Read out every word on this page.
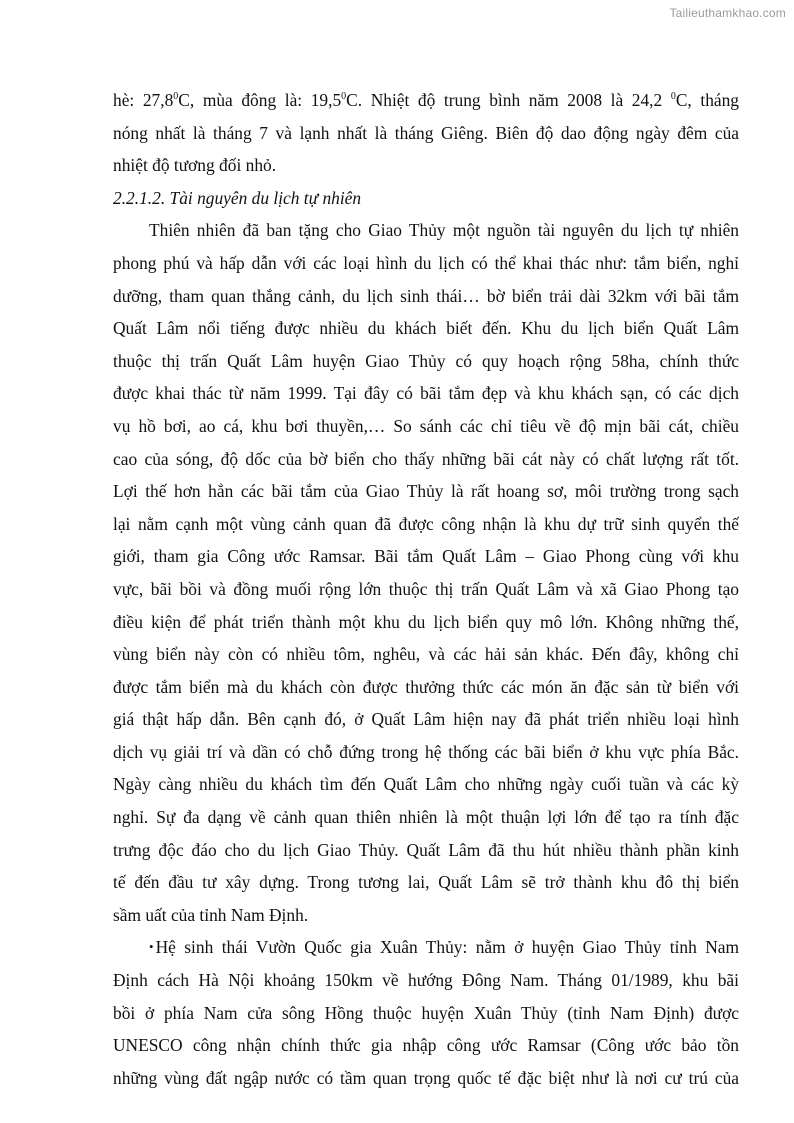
Tailieuthamkhao.com
hè: 27,8$^0$C, mùa đông là: 19,5$^0$C. Nhiệt độ trung bình năm 2008 là 24,2 $^0$C, tháng
nóng nhất là tháng 7 và lạnh nhất là tháng Giêng. Biên độ dao động ngày đêm của
nhiệt độ tương đối nhỏ.
2.2.1.2. Tài nguyên du lịch tự nhiên
Thiên nhiên đã ban tặng cho Giao Thủy một nguồn tài nguyên du lịch tự nhiên
phong phú và hấp dẫn với các loại hình du lịch có thể khai thác như: tắm biển, nghỉ
dưỡng, tham quan thắng cảnh, du lịch sinh thái… bờ biển trải dài 32km với bãi tắm
Quất Lâm nổi tiếng được nhiều du khách biết đến. Khu du lịch biển Quất Lâm
thuộc thị trấn Quất Lâm huyện Giao Thủy có quy hoạch rộng 58ha, chính thức
được khai thác từ năm 1999. Tại đây có bãi tắm đẹp và khu khách sạn, có các dịch
vụ hồ bơi, ao cá, khu bơi thuyền,… So sánh các chỉ tiêu về độ mịn bãi cát, chiều
cao của sóng, độ dốc của bờ biển cho thấy những bãi cát này có chất lượng rất tốt.
Lợi thế hơn hẳn các bãi tắm của Giao Thủy là rất hoang sơ, môi trường trong sạch
lại nằm cạnh một vùng cảnh quan đã được công nhận là khu dự trữ sinh quyển thế
giới, tham gia Công ước Ramsar. Bãi tắm Quất Lâm – Giao Phong cùng với khu
vực, bãi bồi và đồng muối rộng lớn thuộc thị trấn Quất Lâm và xã Giao Phong tạo
điều kiện để phát triển thành một khu du lịch biển quy mô lớn. Không những thế,
vùng biển này còn có nhiều tôm, nghêu, và các hải sản khác. Đến đây, không chỉ
được tắm biển mà du khách còn được thưởng thức các món ăn đặc sản từ biển với
giá thật hấp dẫn. Bên cạnh đó, ở Quất Lâm hiện nay đã phát triển nhiều loại hình
dịch vụ giải trí và dần có chỗ đứng trong hệ thống các bãi biển ở khu vực phía Bắc.
Ngày càng nhiều du khách tìm đến Quất Lâm cho những ngày cuối tuần và các kỳ
nghỉ. Sự đa dạng về cảnh quan thiên nhiên là một thuận lợi lớn để tạo ra tính đặc
trưng độc đáo cho du lịch Giao Thủy. Quất Lâm đã thu hút nhiều thành phần kinh
tế đến đầu tư xây dựng. Trong tương lai, Quất Lâm sẽ trở thành khu đô thị biển
sầm uất của tỉnh Nam Định.
• Hệ sinh thái Vườn Quốc gia Xuân Thủy: nằm ở huyện Giao Thủy tỉnh Nam
Định cách Hà Nội khoảng 150km về hướng Đông Nam. Tháng 01/1989, khu bãi
bồi ở phía Nam cửa sông Hồng thuộc huyện Xuân Thủy (tỉnh Nam Định) được
UNESCO công nhận chính thức gia nhập công ước Ramsar (Công ước bảo tồn
những vùng đất ngập nước có tầm quan trọng quốc tế đặc biệt như là nơi cư trú của
